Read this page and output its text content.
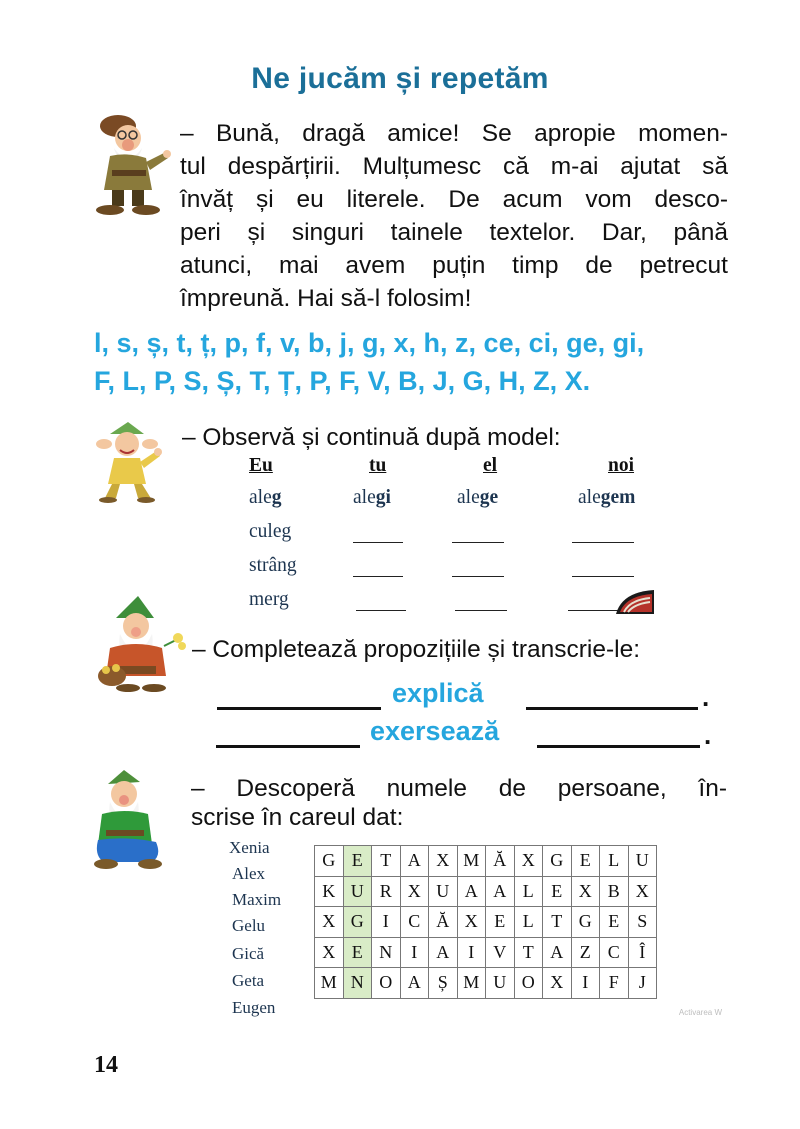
Ne jucăm și repetăm
– Bună, dragă amice! Se apropie momen-
tul despărțirii. Mulțumesc că m-ai ajutat să
învăț și eu literele. De acum vom desco-
peri și singuri tainele textelor. Dar, până
atunci, mai avem puțin timp de petrecut
împreună. Hai să-l folosim!
l, s, ș, t, ț, p, f, v, b, j, g, x, h, z, ce, ci, ge, gi,
F, L, P, S, Ș, T, Ț, P, F, V, B, J, G, H, Z, X.
– Observă și continuă după model:
Eu	tu	el	noi
aleg	alegi	alege	alegem
culeg
strâng
merg
– Completează propozițiile și transcrie-le:
explică	.
exersează	.
– Descoperă numele de persoane, în-
scrise în careul dat:
Xenia
Alex
Maxim
Gelu
Gică
Geta
Eugen
G	E	T	A	X	M	Ă	X	G	E	L	U
K	U	R	X	U	A	A	L	E	X	B	X
X	G	I	C	Ă	X	E	L	T	G	E	S
X	E	N	I	A	I	V	T	A	Z	C	Î
M	N	O	A	Ș	M	U	O	X	I	F	J
Activarea W
14
